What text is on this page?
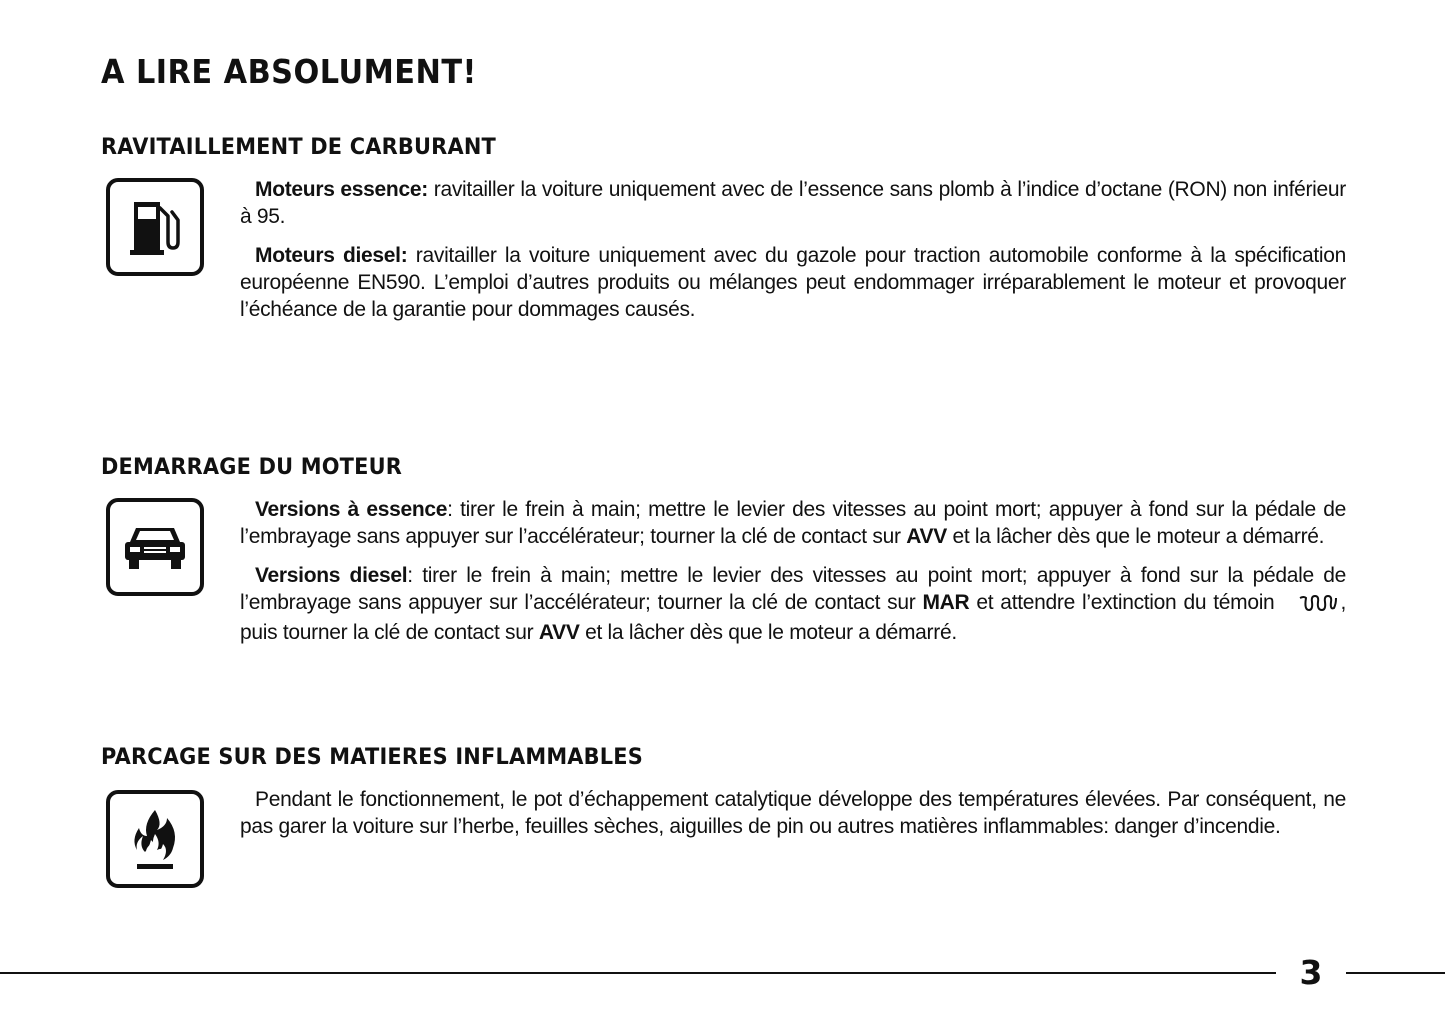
A LIRE ABSOLUMENT!
RAVITAILLEMENT DE CARBURANT

Moteurs essence: ravitailler la voiture uniquement avec de l’essence sans plomb à l’indice d’octane (RON) non inférieur à 95.

Moteurs diesel: ravitailler la voiture uniquement avec du gazole pour traction automobile conforme à la spécification européenne EN590. L’emploi d’autres produits ou mélanges peut endommager irréparablement le moteur et provoquer l’échéance de la garantie pour dommages causés.

DEMARRAGE DU MOTEUR

Versions à essence: tirer le frein à main; mettre le levier des vitesses au point mort; appuyer à fond sur la pédale de l’embrayage sans appuyer sur l’accélérateur; tourner la clé de contact sur AVV et la lâcher dès que le moteur a démarré.

Versions diesel: tirer le frein à main; mettre le levier des vitesses au point mort; appuyer à fond sur la pédale de l’embrayage sans appuyer sur l’accélérateur; tourner la clé de contact sur MAR et attendre l’extinction du témoin	, puis tourner la clé de contact sur AVV et la lâcher dès que le moteur a démarré.

PARCAGE SUR DES MATIERES INFLAMMABLES

Pendant le fonctionnement, le pot d’échappement catalytique développe des températures élevées. Par conséquent, ne pas garer la voiture sur l’herbe, feuilles sèches, aiguilles de pin ou autres matières inflammables: danger d’incendie.

3
